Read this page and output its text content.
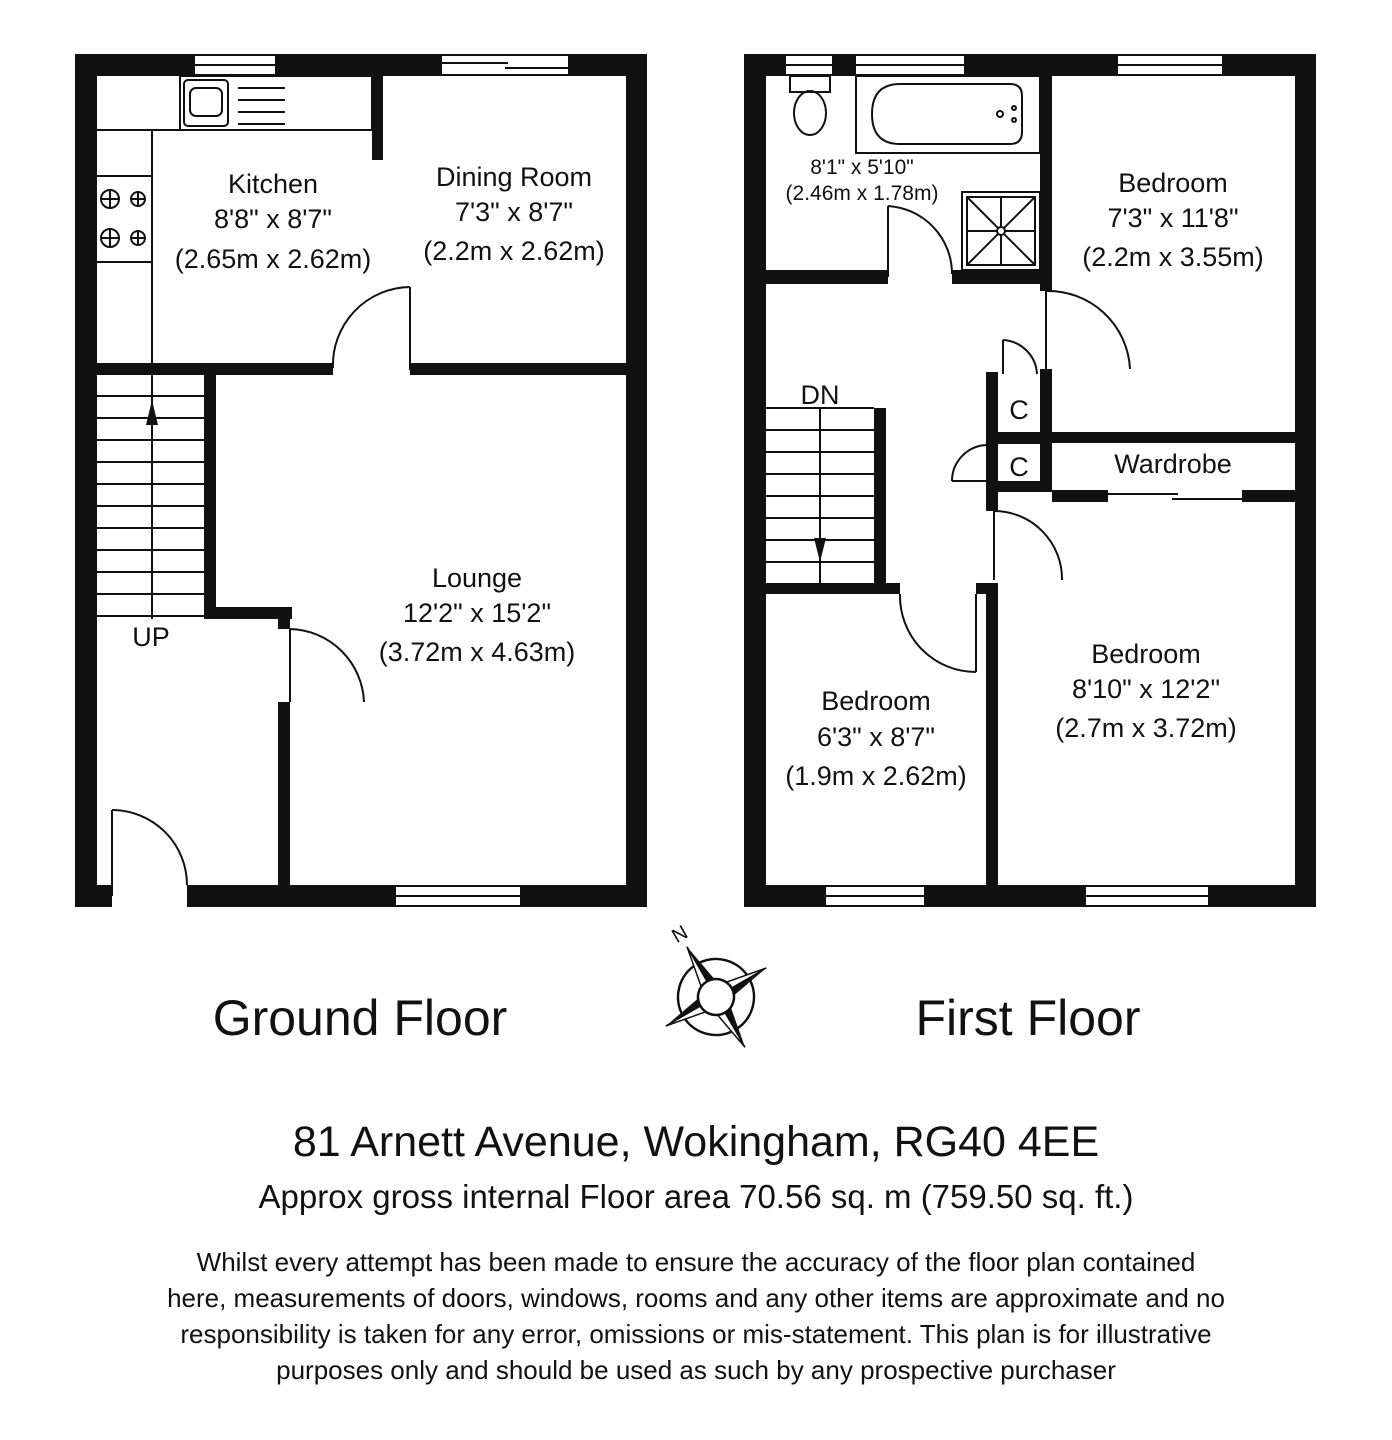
UP
Kitchen
8'8" x 8'7"
(2.65m x 2.62m)
Dining Room
7'3" x 8'7"
(2.2m x 2.62m)
Lounge
12'2" x 15'2"
(3.72m x 4.63m)
DN
8'1" x 5'10"
(2.46m x 1.78m)	Bedroom
7'3" x 11'8"
(2.2m x 3.55m)
C
C	Wardrobe
Bedroom
8'10" x 12'2"
(2.7m x 3.72m)
Bedroom
6'3" x 8'7"
(1.9m x 2.62m)
Ground Floor	First Floor
N
81 Arnett Avenue, Wokingham, RG40 4EE
Approx gross internal Floor area 70.56 sq. m (759.50 sq. ft.)
Whilst every attempt has been made to ensure the accuracy of the floor plan contained
here, measurements of doors, windows, rooms and any other items are approximate and no
responsibility is taken for any error, omissions or mis-statement. This plan is for illustrative
purposes only and should be used as such by any prospective purchaser
